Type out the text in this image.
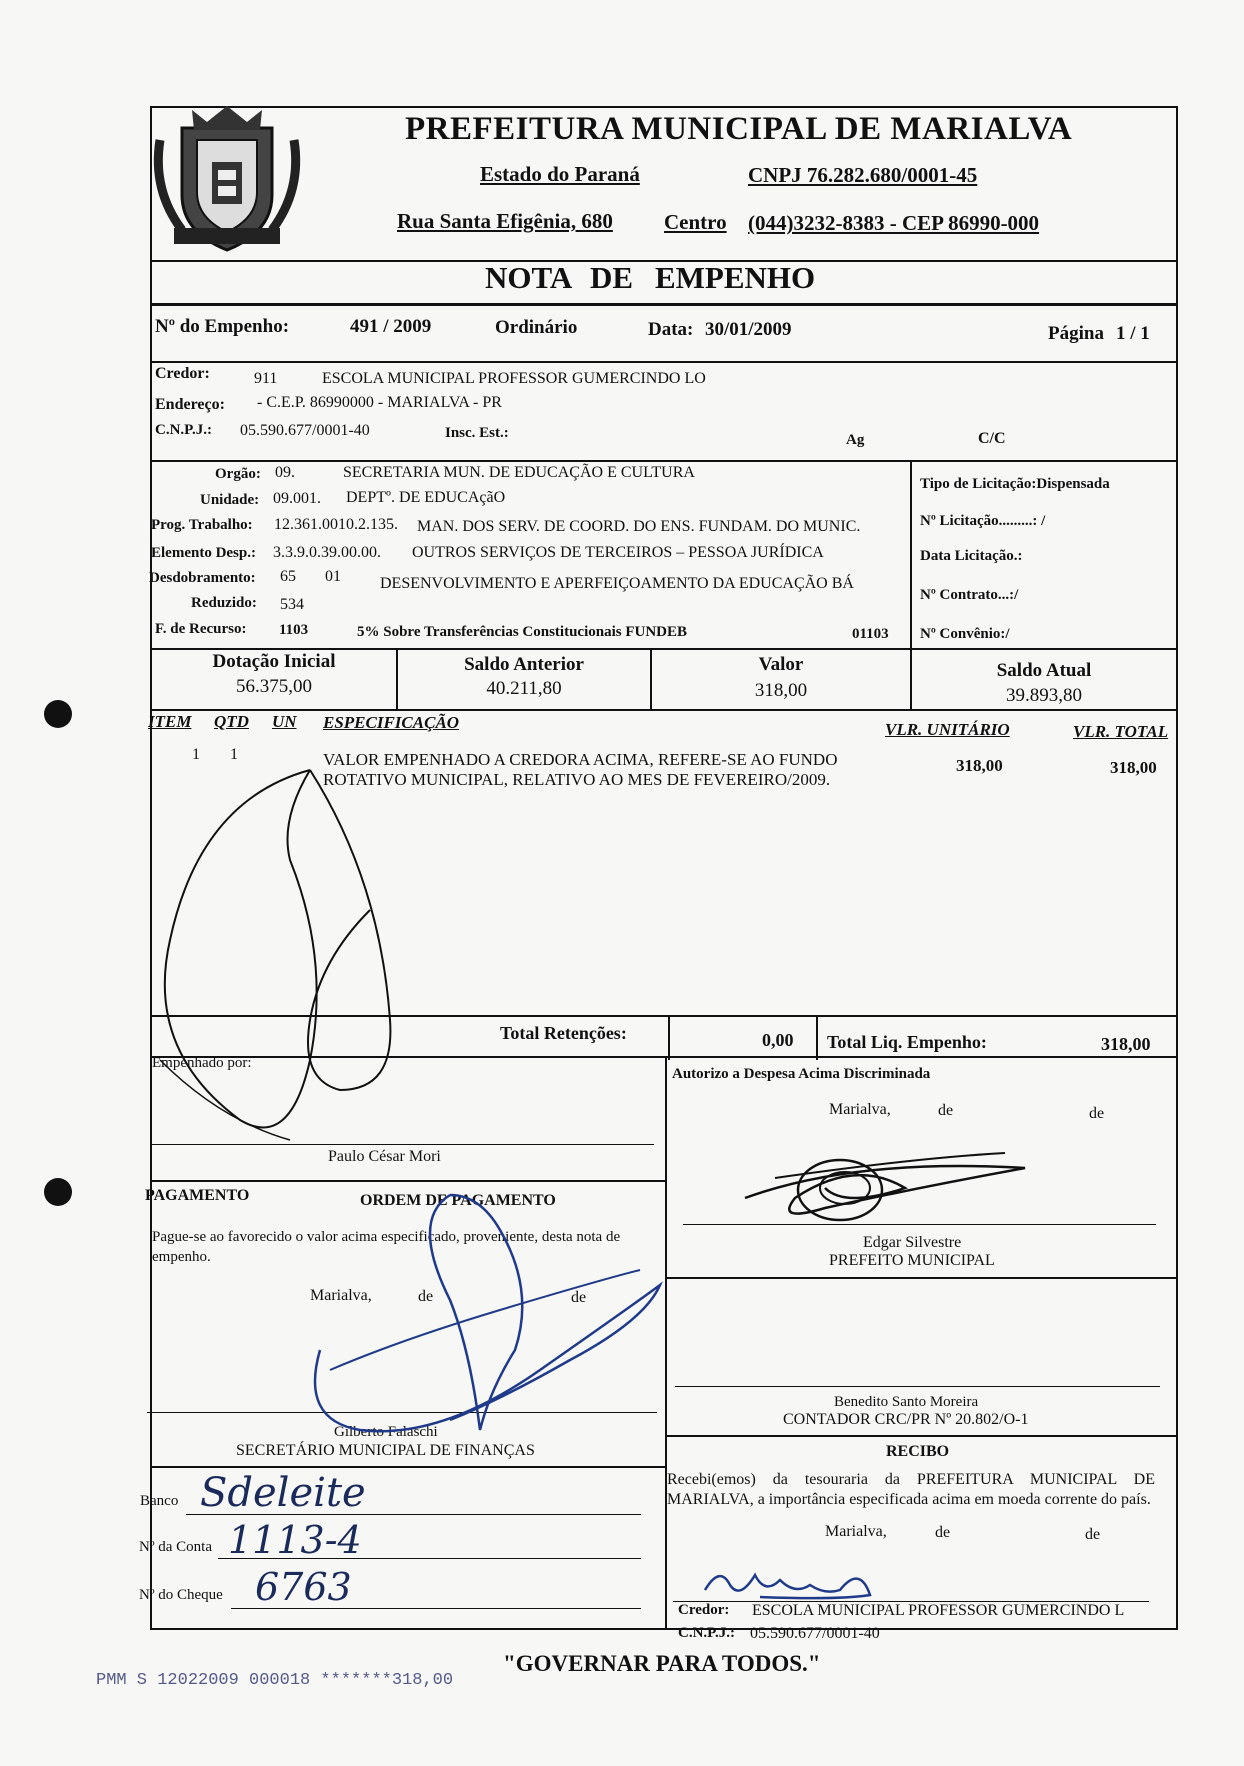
PREFEITURA MUNICIPAL DE MARIALVA
Estado do Paraná	CNPJ 76.282.680/0001-45
Rua Santa Efigênia, 680 Centro (044)3232-8383 - CEP 86990-000
NOTA DE EMPENHO
Nº do Empenho:	491 / 2009	Ordinário	Data: 30/01/2009	Página 1 / 1
Credor:	911	ESCOLA MUNICIPAL PROFESSOR GUMERCINDO LO
Endereço: - C.E.P. 86990000 - MARIALVA - PR
C.N.P.J.: 05.590.677/0001-40	Insc. Est.:	Ag	C/C
Orgão: 09.	SECRETARIA MUN. DE EDUCAÇÃO E CULTURA
Unidade: 09.001. DEPTº. DE EDUCAçãO
Prog. Trabalho: 12.361.0010.2.135. MAN. DOS SERV. DE COORD. DO ENS. FUNDAM. DO MUNIC.
Elemento Desp.: 3.3.9.0.39.00.00. OUTROS SERVIÇOS DE TERCEIROS – PESSOA JURÍDICA
Desdobramento: 65 01 DESENVOLVIMENTO E APERFEIÇOAMENTO DA EDUCAÇÃO BÁ
Reduzido: 534
F. de Recurso: 1103	5% Sobre Transferências Constitucionais FUNDEB	01103
Tipo de Licitação:Dispensada
Nº Licitação.........: /
Data Licitação.:
Nº Contrato...:/
Nº Convênio:/
Dotação Inicial
56.375,00
Saldo Anterior
40.211,80
Valor
318,00
Saldo Atual
39.893,80
ITEM QTD UN ESPECIFICAÇÃO	VLR. UNITÁRIO	VLR. TOTAL
1 1	VALOR EMPENHADO A CREDORA ACIMA, REFERE-SE AO FUNDO
ROTATIVO MUNICIPAL, RELATIVO AO MES DE FEVEREIRO/2009.
318,00	318,00
Total Retenções:	0,00 Total Liq. Empenho:	318,00
Empenhado por:
Paulo César Mori
PAGAMENTO	ORDEM DE PAGAMENTO
Pague-se ao favorecido o valor acima especificado, proveniente, desta nota de empenho.
Marialva,	de	de
Gilberto Falaschi
SECRETÁRIO MUNICIPAL DE FINANÇAS
Banco Sdeleite
Nº da Conta 1113-4
Nº do Cheque 6763
Autorizo a Despesa Acima Discriminada
Marialva,	de	de
Edgar Silvestre
PREFEITO MUNICIPAL
Benedito Santo Moreira
CONTADOR CRC/PR Nº 20.802/O-1
RECIBO
Recebi(emos) da tesouraria da PREFEITURA MUNICIPAL DE MARIALVA, a importância especificada acima em moeda corrente do país.
Marialva,	de	de
Credor: ESCOLA MUNICIPAL PROFESSOR GUMERCINDO L
C.N.P.J.: 05.590.677/0001-40
"GOVERNAR PARA TODOS."
PMM S 12022009 000018 *******318,00
